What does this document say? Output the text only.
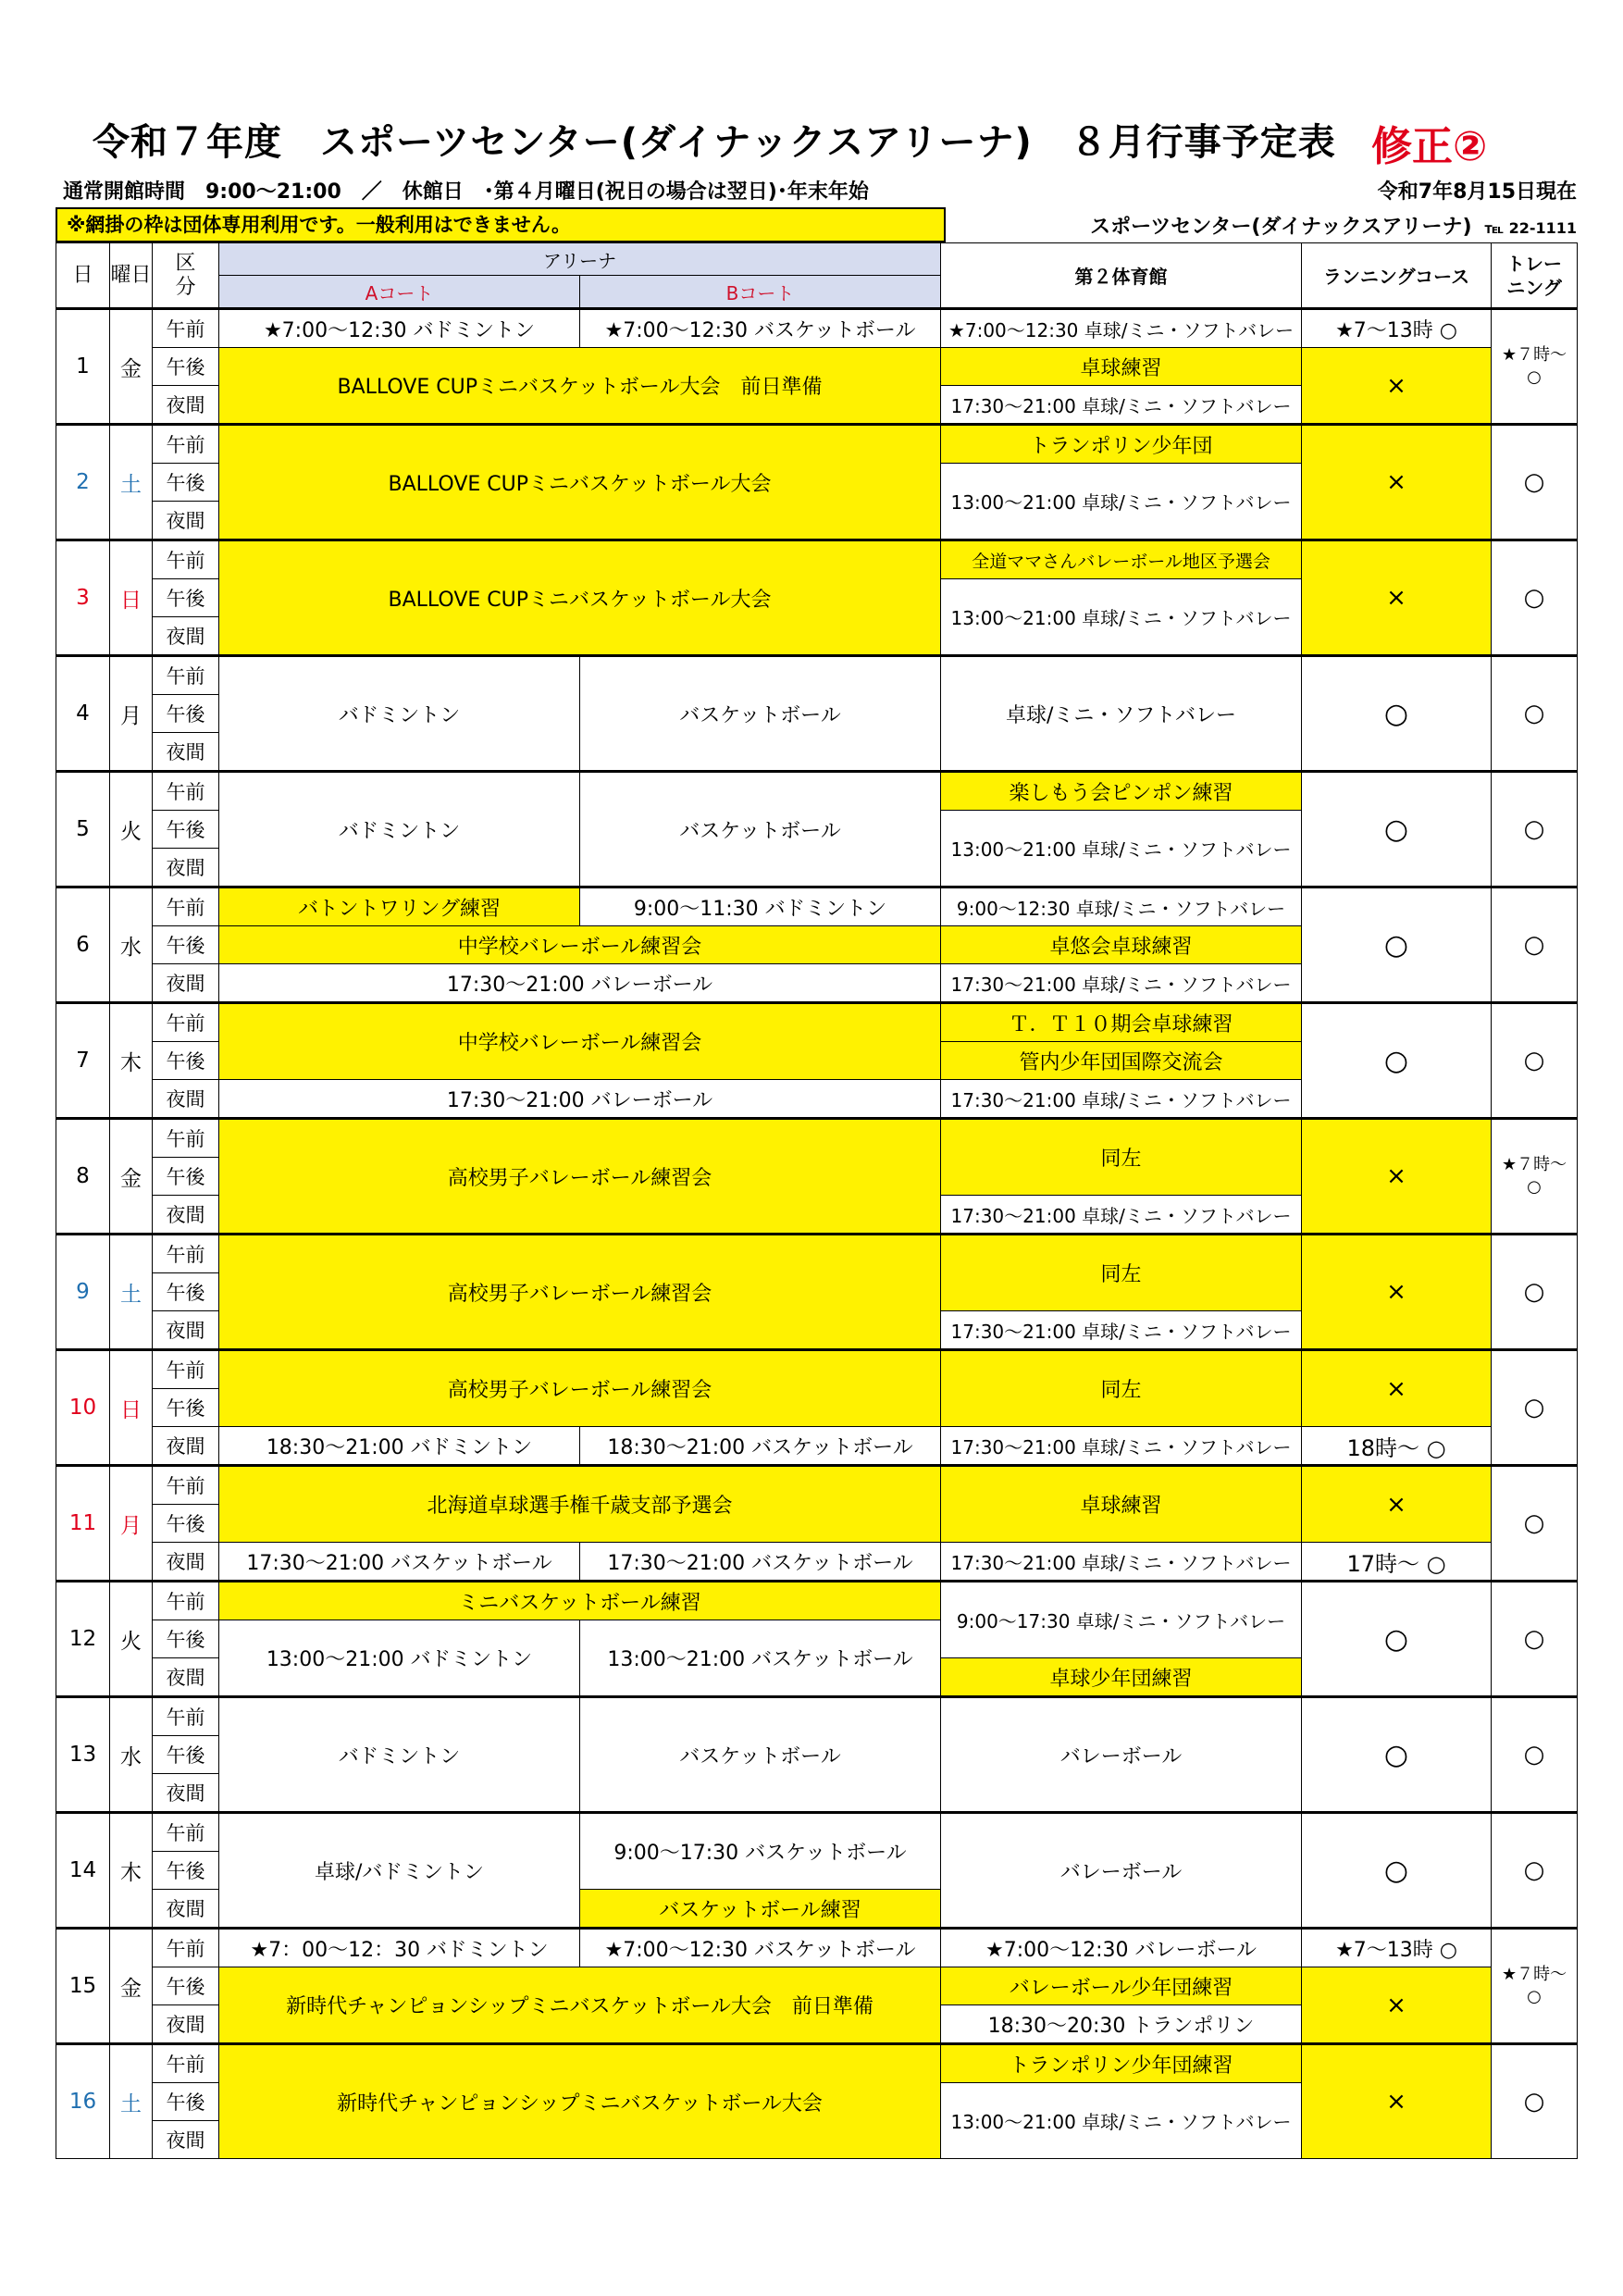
令和７年度　スポーツセンター(ダイナックスアリーナ)　８月行事予定表 修正②
通常開館時間　9:00～21:00　／　休館日　･第４月曜日(祝日の場合は翌日)･年末年始	令和7年8月15日現在
※網掛の枠は団体専用利用です。一般利用はできません。	スポーツセンター(ダイナックスアリーナ) ℡ 22-1111
日	曜日	区分	アリーナ		第２体育館	ランニングコース	トレーニング
			Aコート	Bコート			
1	金	午前	★7:00～12:30 バドミントン	★7:00～12:30 バスケットボール	★7:00～12:30 卓球/ミニ・ソフトバレー	★7～13時 ○	★７時～○
		午後	BALLOVE CUPミニバスケットボール大会　前日準備		卓球練習	×	
		夜間			17:30～21:00 卓球/ミニ・ソフトバレー		
2	土	午前	BALLOVE CUPミニバスケットボール大会		トランポリン少年団	×	○
		午後			13:00～21:00 卓球/ミニ・ソフトバレー		
		夜間					
3	日	午前	BALLOVE CUPミニバスケットボール大会		全道ママさんバレーボール地区予選会	×	○
		午後			13:00～21:00 卓球/ミニ・ソフトバレー		
		夜間					
4	月	午前	バドミントン	バスケットボール	卓球/ミニ・ソフトバレー	○	○
		午後					
		夜間					
5	火	午前	バドミントン	バスケットボール	楽しもう会ピンポン練習	○	○
		午後			13:00～21:00 卓球/ミニ・ソフトバレー		
		夜間					
6	水	午前	バトントワリング練習	9:00～11:30 バドミントン	9:00～12:30 卓球/ミニ・ソフトバレー	○	○
		午後	中学校バレーボール練習会		卓悠会卓球練習		
		夜間	17:30～21:00 バレーボール		17:30～21:00 卓球/ミニ・ソフトバレー		
7	木	午前	中学校バレーボール練習会		Ｔ．Ｔ１０期会卓球練習	○	○
		午後			管内少年団国際交流会		
		夜間	17:30～21:00 バレーボール		17:30～21:00 卓球/ミニ・ソフトバレー		
8	金	午前	高校男子バレーボール練習会		同左	×	★７時～○
		午後					
		夜間			17:30～21:00 卓球/ミニ・ソフトバレー		
9	土	午前	高校男子バレーボール練習会		同左	×	○
		午後					
		夜間			17:30～21:00 卓球/ミニ・ソフトバレー		
10	日	午前	高校男子バレーボール練習会		同左	×	○
		午後					
		夜間	18:30～21:00 バドミントン	18:30～21:00 バスケットボール	17:30～21:00 卓球/ミニ・ソフトバレー	18時～ ○	
11	月	午前	北海道卓球選手権千歳支部予選会		卓球練習	×	○
		午後					
		夜間	17:30～21:00 バスケットボール	17:30～21:00 バスケットボール	17:30～21:00 卓球/ミニ・ソフトバレー	17時～ ○	
12	火	午前	ミニバスケットボール練習		9:00～17:30 卓球/ミニ・ソフトバレー	○	○
		午後	13:00～21:00 バドミントン	13:00～21:00 バスケットボール			
		夜間			卓球少年団練習		
13	水	午前	バドミントン	バスケットボール	バレーボール	○	○
		午後					
		夜間					
14	木	午前	卓球/バドミントン	9:00～17:30 バスケットボール	バレーボール	○	○
		午後					
		夜間		バスケットボール練習			
15	金	午前	★7：00～12：30 バドミントン	★7:00～12:30 バスケットボール	★7:00～12:30 バレーボール	★7～13時 ○	★７時～○
		午後	新時代チャンピョンシップミニバスケットボール大会　前日準備		バレーボール少年団練習	×	
		夜間			18:30～20:30 トランポリン		
16	土	午前	新時代チャンピョンシップミニバスケットボール大会		トランポリン少年団練習	×	○
		午後			13:00～21:00 卓球/ミニ・ソフトバレー		
		夜間					
